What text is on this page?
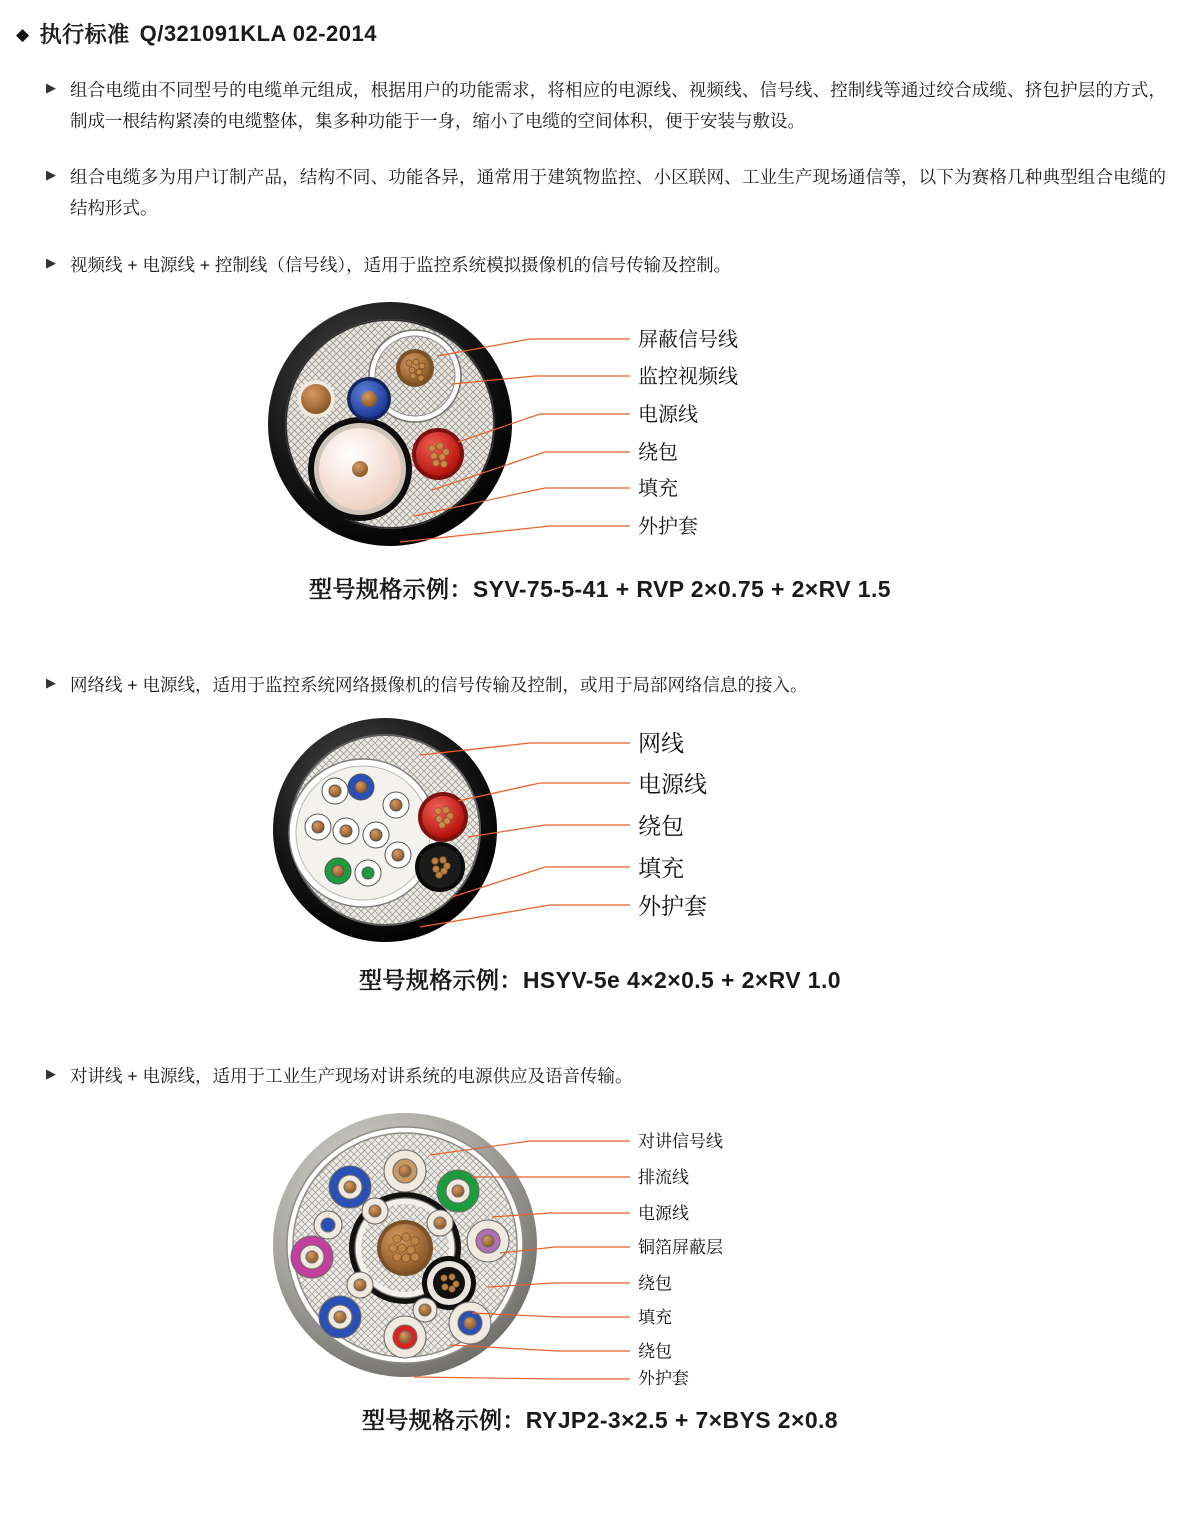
◆ 执行标准 Q/321091KLA 02-2014
▶ 组合电缆由不同型号的电缆单元组成，根据用户的功能需求，将相应的电源线、视频线、信号线、控制线等通过绞合成缆、挤包护层的方式，制成一根结构紧凑的电缆整体，集多种功能于一身，缩小了电缆的空间体积，便于安装与敷设。
▶ 组合电缆多为用户订制产品，结构不同、功能各异，通常用于建筑物监控、小区联网、工业生产现场通信等，以下为赛格几种典型组合电缆的结构形式。
▶ 视频线 + 电源线 + 控制线（信号线），适用于监控系统模拟摄像机的信号传输及控制。
屏蔽信号线
监控视频线
电源线
绕包
填充
外护套
型号规格示例：SYV-75-5-41 + RVP 2×0.75 + 2×RV 1.5
▶ 网络线 + 电源线，适用于监控系统网络摄像机的信号传输及控制，或用于局部网络信息的接入。
网线
电源线
绕包
填充
外护套
型号规格示例：HSYV-5e 4×2×0.5 + 2×RV 1.0
▶ 对讲线 + 电源线，适用于工业生产现场对讲系统的电源供应及语音传输。
对讲信号线
排流线
电源线
铜箔屏蔽层
绕包
填充
绕包
外护套
型号规格示例：RYJP2-3×2.5 + 7×BYS 2×0.8
